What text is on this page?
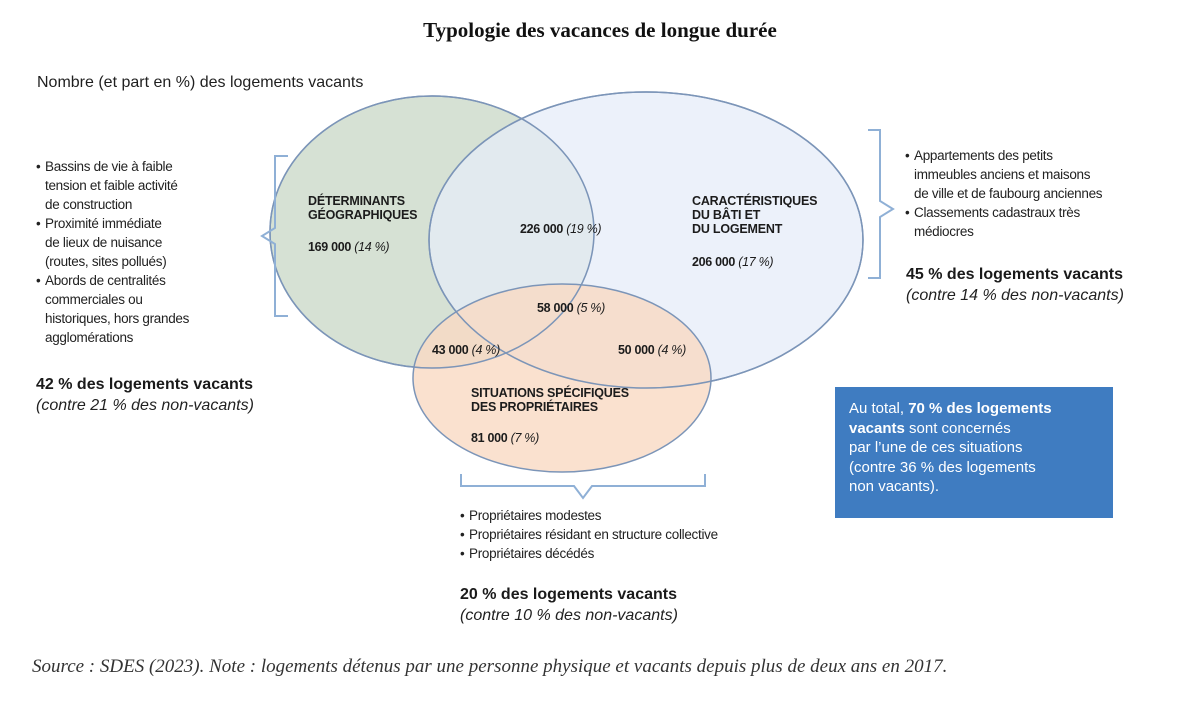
Typologie des vacances de longue durée
Nombre (et part en %) des logements vacants
DÉTERMINANTS
GÉOGRAPHIQUES
169 000 (14 %)
CARACTÉRISTIQUES
DU BÂTI ET
DU LOGEMENT
206 000 (17 %)
SITUATIONS SPÉCIFIQUES
DES PROPRIÉTAIRES
81 000 (7 %)
226 000 (19 %)
58 000 (5 %)
43 000 (4 %)	50 000 (4 %)
• Bassins de vie à faible
tension et faible activité
de construction
• Proximité immédiate
de lieux de nuisance
(routes, sites pollués)
• Abords de centralités
commerciales ou
historiques, hors grandes
agglomérations
42 % des logements vacants
(contre 21 % des non-vacants)
• Appartements des petits
immeubles anciens et maisons
de ville et de faubourg anciennes
• Classements cadastraux très
médiocres
45 % des logements vacants
(contre 14 % des non-vacants)
• Propriétaires modestes
• Propriétaires résidant en structure collective
• Propriétaires décédés
20 % des logements vacants
(contre 10 % des non-vacants)
Au total, 70 % des logements
vacants sont concernés
par l’une de ces situations
(contre 36 % des logements
non vacants).
Source : SDES (2023). Note : logements détenus par une personne physique et vacants depuis plus de deux ans en 2017.
